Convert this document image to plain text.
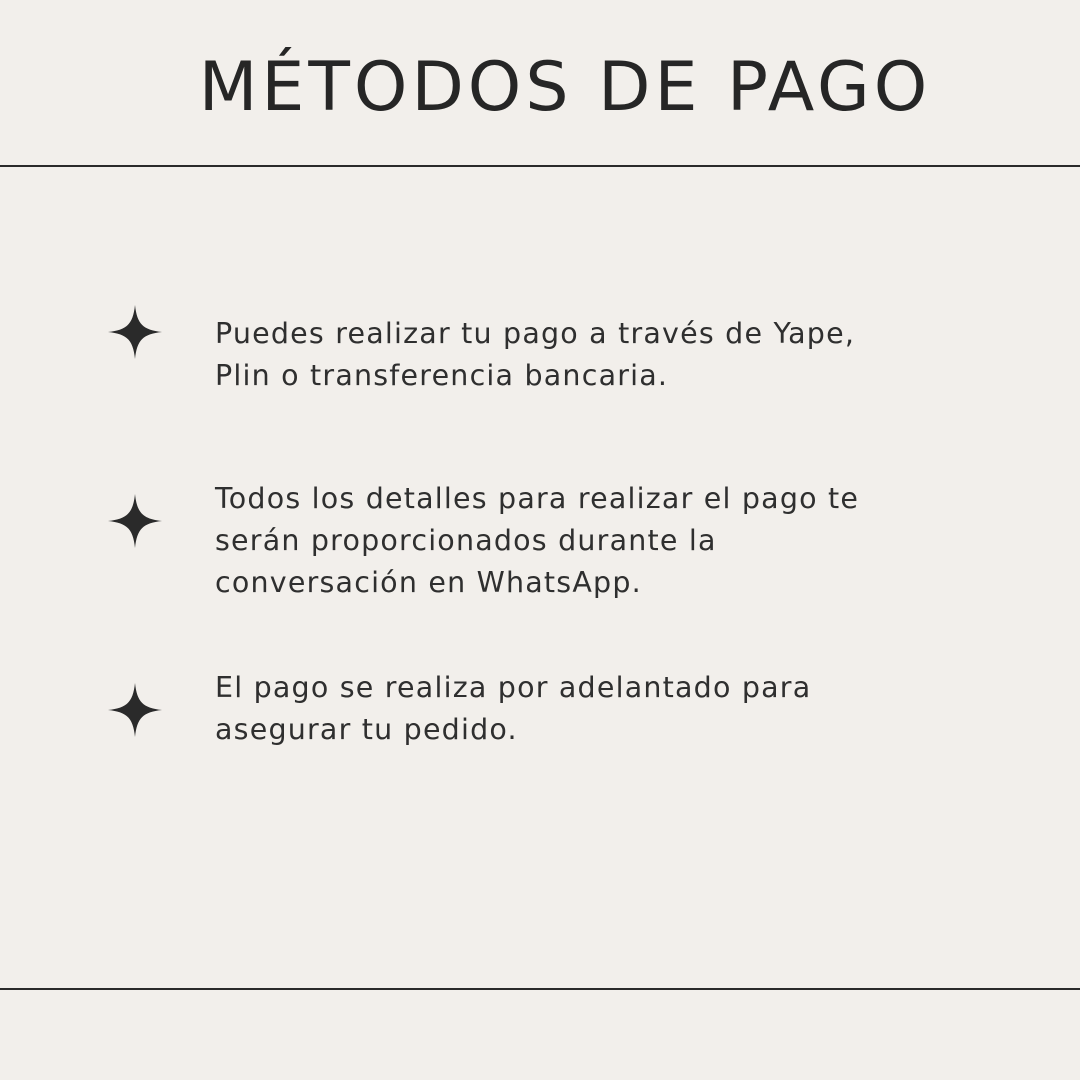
MÉTODOS DE PAGO
Puedes realizar tu pago a través de Yape,
Plin o transferencia bancaria.
Todos los detalles para realizar el pago te
serán proporcionados durante la
conversación en WhatsApp.
El pago se realiza por adelantado para
asegurar tu pedido.
